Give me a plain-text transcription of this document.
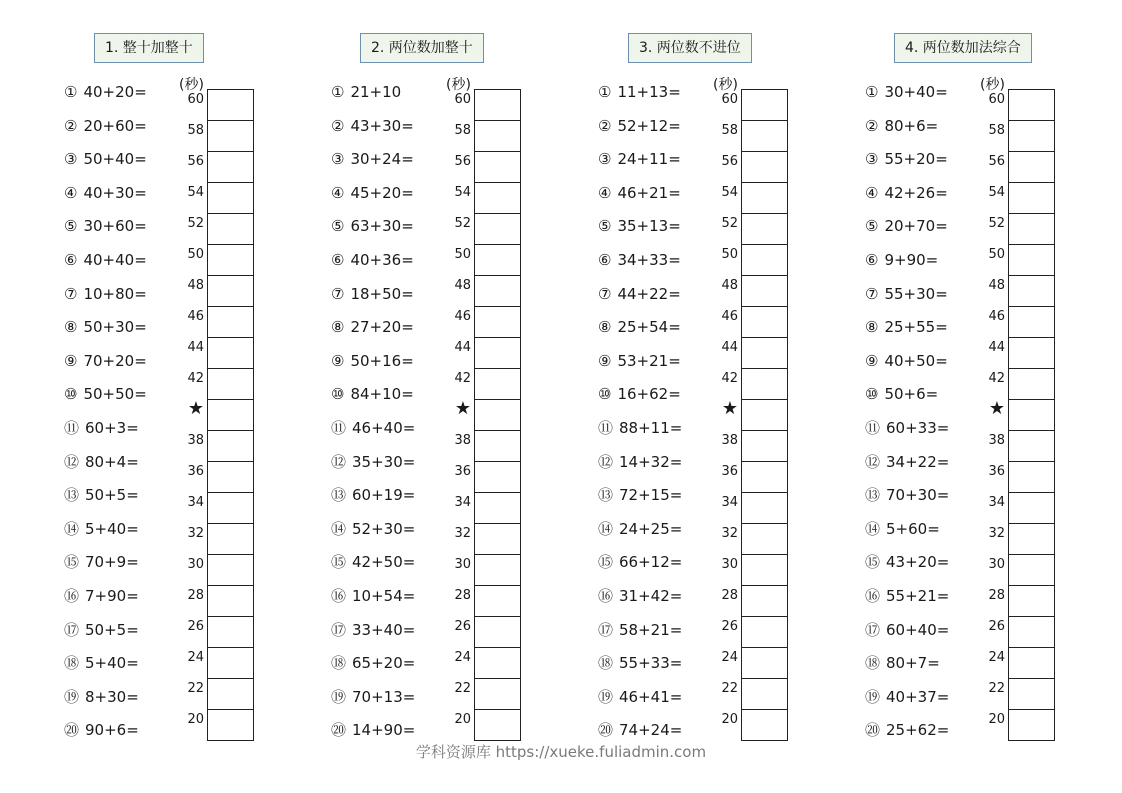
1. 整十加整十
① 40+20=
② 20+60=
③ 50+40=
④ 40+30=
⑤ 30+60=
⑥ 40+40=
⑦ 10+80=
⑧ 50+30=
⑨ 70+20=
⑩ 50+50=
⑪ 60+3=
⑫ 80+4=
⑬ 50+5=
⑭ 5+40=
⑮ 70+9=
⑯ 7+90=
⑰ 50+5=
⑱ 5+40=
⑲ 8+30=
⑳ 90+6=
(秒)
60
58
56
54
52
50
48
46
44
42
★
38
36
34
32
30
28
26
24
22
20
2. 两位数加整十
① 21+10
② 43+30=
③ 30+24=
④ 45+20=
⑤ 63+30=
⑥ 40+36=
⑦ 18+50=
⑧ 27+20=
⑨ 50+16=
⑩ 84+10=
⑪ 46+40=
⑫ 35+30=
⑬ 60+19=
⑭ 52+30=
⑮ 42+50=
⑯ 10+54=
⑰ 33+40=
⑱ 65+20=
⑲ 70+13=
⑳ 14+90=
(秒)
60
58
56
54
52
50
48
46
44
42
★
38
36
34
32
30
28
26
24
22
20
3. 两位数不进位
① 11+13=
② 52+12=
③ 24+11=
④ 46+21=
⑤ 35+13=
⑥ 34+33=
⑦ 44+22=
⑧ 25+54=
⑨ 53+21=
⑩ 16+62=
⑪ 88+11=
⑫ 14+32=
⑬ 72+15=
⑭ 24+25=
⑮ 66+12=
⑯ 31+42=
⑰ 58+21=
⑱ 55+33=
⑲ 46+41=
⑳ 74+24=
(秒)
60
58
56
54
52
50
48
46
44
42
★
38
36
34
32
30
28
26
24
22
20
4. 两位数加法综合
① 30+40=
② 80+6=
③ 55+20=
④ 42+26=
⑤ 20+70=
⑥ 9+90=
⑦ 55+30=
⑧ 25+55=
⑨ 40+50=
⑩ 50+6=
⑪ 60+33=
⑫ 34+22=
⑬ 70+30=
⑭ 5+60=
⑮ 43+20=
⑯ 55+21=
⑰ 60+40=
⑱ 80+7=
⑲ 40+37=
⑳ 25+62=
(秒)
60
58
56
54
52
50
48
46
44
42
★
38
36
34
32
30
28
26
24
22
20
学科资源库 https://xueke.fuliadmin.com
